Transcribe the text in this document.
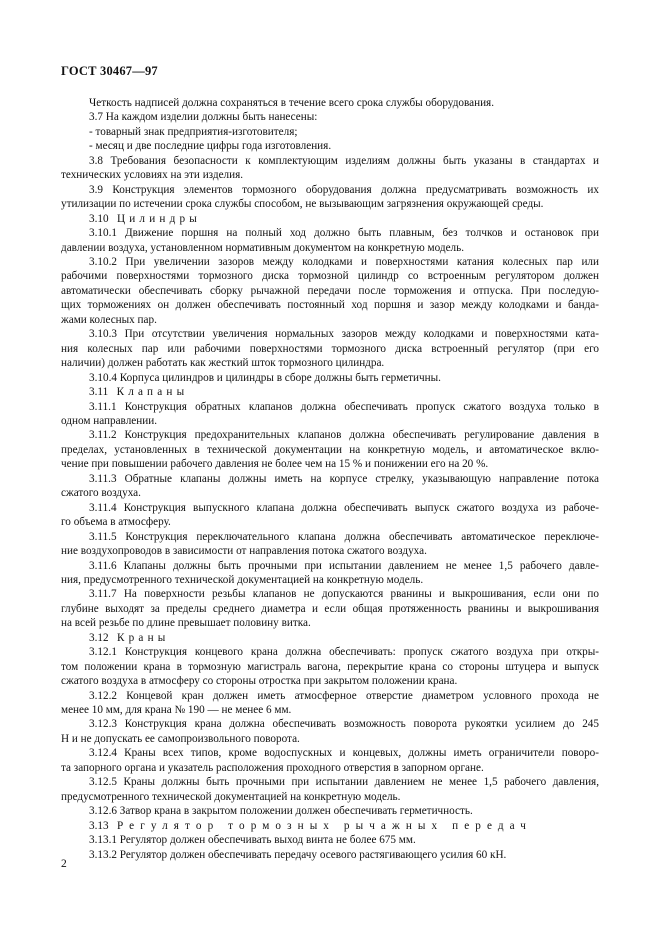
ГОСТ 30467—97

Четкость надписей должна сохраняться в течение всего срока службы оборудования.

3.7 На каждом изделии должны быть нанесены:

- товарный знак предприятия-изготовителя;

- месяц и две последние цифры года изготовления.

3.8 Требования безопасности к комплектующим изделиям должны быть указаны в стандартах и

технических условиях на эти изделия.

3.9 Конструкция элементов тормозного оборудования должна предусматривать возможность их

утилизации по истечении срока службы способом, не вызывающим загрязнения окружающей среды.

3.10 Цилиндры

3.10.1 Движение поршня на полный ход должно быть плавным, без толчков и остановок при

давлении воздуха, установленном нормативным документом на конкретную модель.

3.10.2 При увеличении зазоров между колодками и поверхностями катания колесных пар или

рабочими поверхностями тормозного диска тормозной цилиндр со встроенным регулятором должен

автоматически обеспечивать сборку рычажной передачи после торможения и отпуска. При последую-

щих торможениях он должен обеспечивать постоянный ход поршня и зазор между колодками и банда-

жами колесных пар.

3.10.3 При отсутствии увеличения нормальных зазоров между колодками и поверхностями ката-

ния колесных пар или рабочими поверхностями тормозного диска встроенный регулятор (при его

наличии) должен работать как жесткий шток тормозного цилиндра.

3.10.4 Корпуса цилиндров и цилиндры в сборе должны быть герметичны.

3.11 Клапаны

3.11.1 Конструкция обратных клапанов должна обеспечивать пропуск сжатого воздуха только в

одном направлении.

3.11.2 Конструкция предохранительных клапанов должна обеспечивать регулирование давления в

пределах, установленных в технической документации на конкретную модель, и автоматическое вклю-

чение при повышении рабочего давления не более чем на 15 % и понижении его на 20 %.

3.11.3 Обратные клапаны должны иметь на корпусе стрелку, указывающую направление потока

сжатого воздуха.

3.11.4 Конструкция выпускного клапана должна обеспечивать выпуск сжатого воздуха из рабоче-

го объема в атмосферу.

3.11.5 Конструкция переключательного клапана должна обеспечивать автоматическое переключе-

ние воздухопроводов в зависимости от направления потока сжатого воздуха.

3.11.6 Клапаны должны быть прочными при испытании давлением не менее 1,5 рабочего давле-

ния, предусмотренного технической документацией на конкретную модель.

3.11.7 На поверхности резьбы клапанов не допускаются рванины и выкрошивания, если они по

глубине выходят за пределы среднего диаметра и если общая протяженность рванины и выкрошивания

на всей резьбе по длине превышает половину витка.

3.12 Краны

3.12.1 Конструкция концевого крана должна обеспечивать: пропуск сжатого воздуха при откры-

том положении крана в тормозную магистраль вагона, перекрытие крана со стороны штуцера и выпуск

сжатого воздуха в атмосферу со стороны отростка при закрытом положении крана.

3.12.2 Концевой кран должен иметь атмосферное отверстие диаметром условного прохода не

менее 10 мм, для крана № 190 — не менее 6 мм.

3.12.3 Конструкция крана должна обеспечивать возможность поворота рукоятки усилием до 245

Н и не допускать ее самопроизвольного поворота.

3.12.4 Краны всех типов, кроме водоспускных и концевых, должны иметь ограничители поворо-

та запорного органа и указатель расположения проходного отверстия в запорном органе.

3.12.5 Краны должны быть прочными при испытании давлением не менее 1,5 рабочего давления,

предусмотренного технической документацией на конкретную модель.

3.12.6 Затвор крана в закрытом положении должен обеспечивать герметичность.

3.13 Регулятор тормозных рычажных передач

3.13.1 Регулятор должен обеспечивать выход винта не более 675 мм.

3.13.2 Регулятор должен обеспечивать передачу осевого растягивающего усилия 60 кН.

2
